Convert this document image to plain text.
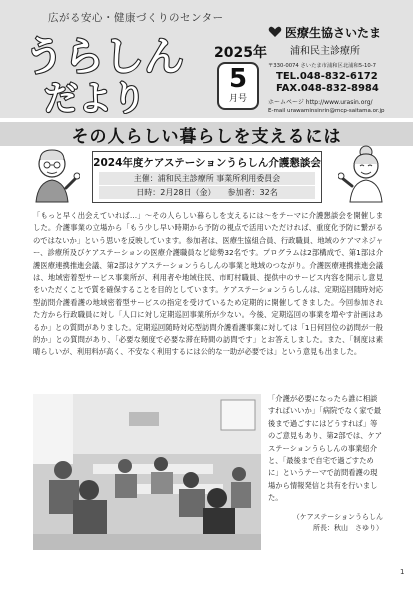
広がる安心・健康づくりのセンター
うらしん
だより
2025年
5
月号
医療生協さいたま
浦和民主診療所
〒330-0074 さいたま市浦和区北浦和5-10-7
TEL.048-832-6172
FAX.048-832-8984
ホームページ http://www.urasin.org/
E-mail urawaminsinrin@mcp-saitama.or.jp
その人らしい暮らしを支えるには
2024年度ケアステーションうらしん介護懇談会
主催：浦和民主診療所 事業所利用委員会
日時：2月28日（金）　　参加者：32名
「もっと早く出会えていれば…」〜その人らしい暮らしを支えるには〜をテーマに介護懇談会を開催しました。介護事業の立場から「もう少し早い時期から予防の視点で活用いただければ、重度化予防に繋がるのではないか」という思いを反映しています。参加者は、医療生協組合員、行政職員、地域のケアマネジャー、診療所及びケアステーションの医療介護職員など総勢32名です。プログラムは2部構成で、第1部は介護医療連携推進会議、第2部はケアステーションうらしんの事業と地域のつながり。介護医療連携推進会議は、地域密着型サービス事業所が、利用者や地域住民、市町村職員、提供中のサービス内容を開示し意見をいただくことで質を確保することを目的としています。ケアステーションうらしんは、定期巡回随時対応型訪問介護看護の地域密着型サービスの指定を受けているため定期的に開催してきました。今回参加された方から行政職員に対し「人口に対し定期巡回事業所が少ない。今後、定期巡回の事業を増やす計画はあるか」との質問がありました。定期巡回随時対応型訪問介護看護事業に対しては「1日何回位の訪問が一般的か」との質問があり、「必要な頻度で必要な滞在時間の訪問です」とお答えしました。また、「制度は素晴らしいが、利用料が高く、不安なく利用するには公的な一助が必要では」という意見も出ました。
「介護が必要になったら誰に相談すればいいか」「病院でなく家で最後まで過ごすにはどうすれば」等のご意見もあり、第2部では、ケアステーションうらしんの事業紹介と、「最後まで自宅で過ごすために」というテーマで訪問看護の現場から情報発信と共有を行いました。
（ケアステーションうらしん
所長：秋山　さゆり）
1
